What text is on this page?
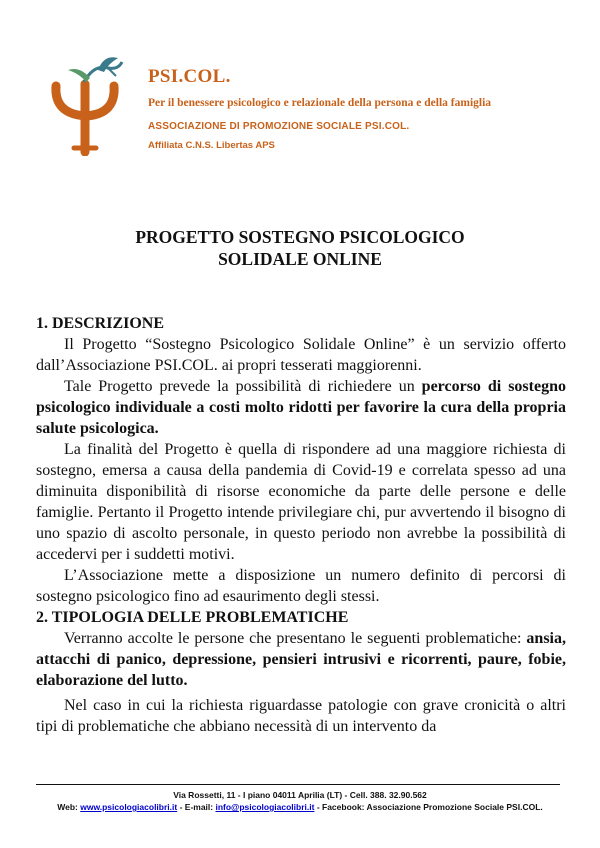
PSI.COL.
Per il benessere psicologico e relazionale della persona e della famiglia
ASSOCIAZIONE DI PROMOZIONE SOCIALE PSI.COL.
Affiliata C.N.S. Libertas APS
PROGETTO SOSTEGNO PSICOLOGICO
SOLIDALE ONLINE
1. DESCRIZIONE

Il Progetto “Sostegno Psicologico Solidale Online” è un servizio offerto dall’Associazione PSI.COL. ai propri tesserati maggiorenni.

Tale Progetto prevede la possibilità di richiedere un percorso di sostegno psicologico individuale a costi molto ridotti per favorire la cura della propria salute psicologica.

La finalità del Progetto è quella di rispondere ad una maggiore richiesta di sostegno, emersa a causa della pandemia di Covid-19 e correlata spesso ad una diminuita disponibilità di risorse economiche da parte delle persone e delle famiglie. Pertanto il Progetto intende privilegiare chi, pur avvertendo il bisogno di uno spazio di ascolto personale, in questo periodo non avrebbe la possibilità di accedervi per i suddetti motivi.

L’Associazione mette a disposizione un numero definito di percorsi di sostegno psicologico fino ad esaurimento degli stessi.

2. TIPOLOGIA DELLE PROBLEMATICHE

Verranno accolte le persone che presentano le seguenti problematiche: ansia, attacchi di panico, depressione, pensieri intrusivi e ricorrenti, paure, fobie, elaborazione del lutto.

Nel caso in cui la richiesta riguardasse patologie con grave cronicità o altri tipi di problematiche che abbiano necessità di un intervento da

Via Rossetti, 11 - I piano 04011 Aprilia (LT) - Cell. 388. 32.90.562
Web: www.psicologiacolibri.it - E-mail: info@psicologiacolibri.it - Facebook: Associazione Promozione Sociale PSI.COL.
